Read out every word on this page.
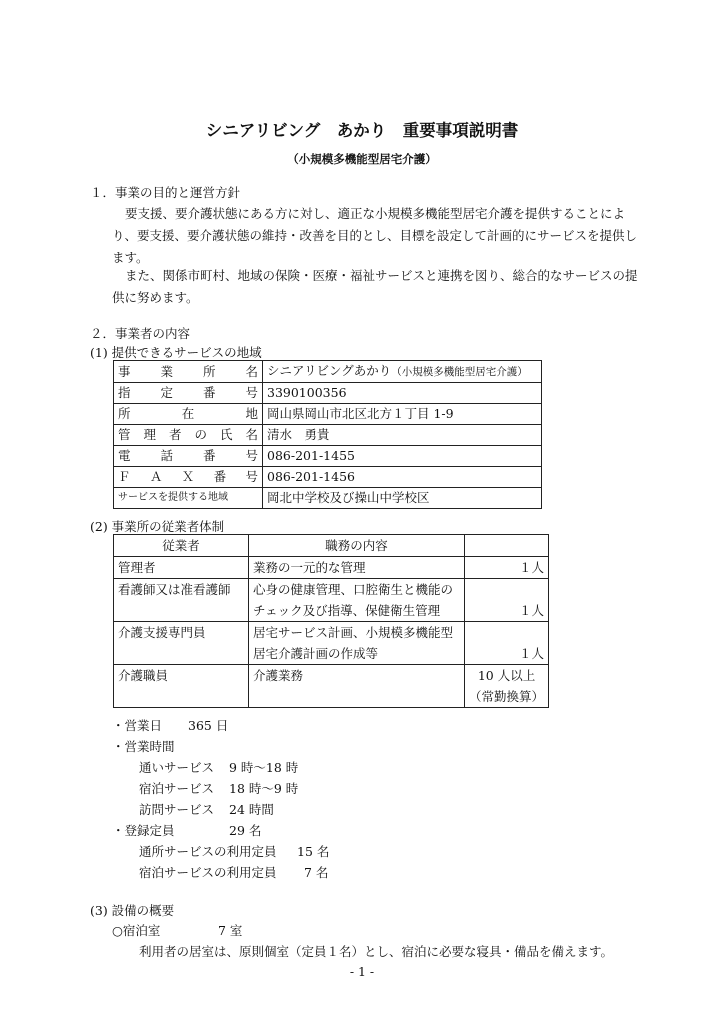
シニアリビング　あかり　重要事項説明書
（小規模多機能型居宅介護）
１．事業の目的と運営方針
要支援、要介護状態にある方に対し、適正な小規模多機能型居宅介護を提供することにより、要支援、要介護状態の維持・改善を目的とし、目標を設定して計画的にサービスを提供します。
また、関係市町村、地域の保険・医療・福祉サービスと連携を図り、総合的なサービスの提供に努めます。
２．事業者の内容
(1) 提供できるサービスの地域
事業所名	シニアリビングあかり（小規模多機能型居宅介護）
指定番号	3390100356
所在地	岡山県岡山市北区北方１丁目 1-9
管理者の氏名	清水　勇貴
電話番号	086-201-1455
ＦＡＸ番号	086-201-1456
サービスを提供する地域	岡北中学校及び操山中学校区
(2) 事業所の従業者体制
従業者	職務の内容	
管理者	業務の一元的な管理	１人
看護師又は准看護師	心身の健康管理、口腔衛生と機能の
チェック及び指導、保健衛生管理	１人

介護支援専門員	居宅サービス計画、小規模多機能型
居宅介護計画の作成等	１人

介護職員	介護業務	10 人以上
（常勤換算）
・営業日 365 日
・営業時間
通いサービス 9 時～18 時
宿泊サービス 18 時～9 時
訪問サービス 24 時間
・登録定員	29 名
通所サービスの利用定員 15 名
宿泊サービスの利用定員 7 名
(3) 設備の概要
○宿泊室	7 室
利用者の居室は、原則個室（定員１名）とし、宿泊に必要な寝具・備品を備えます。
- 1 -
